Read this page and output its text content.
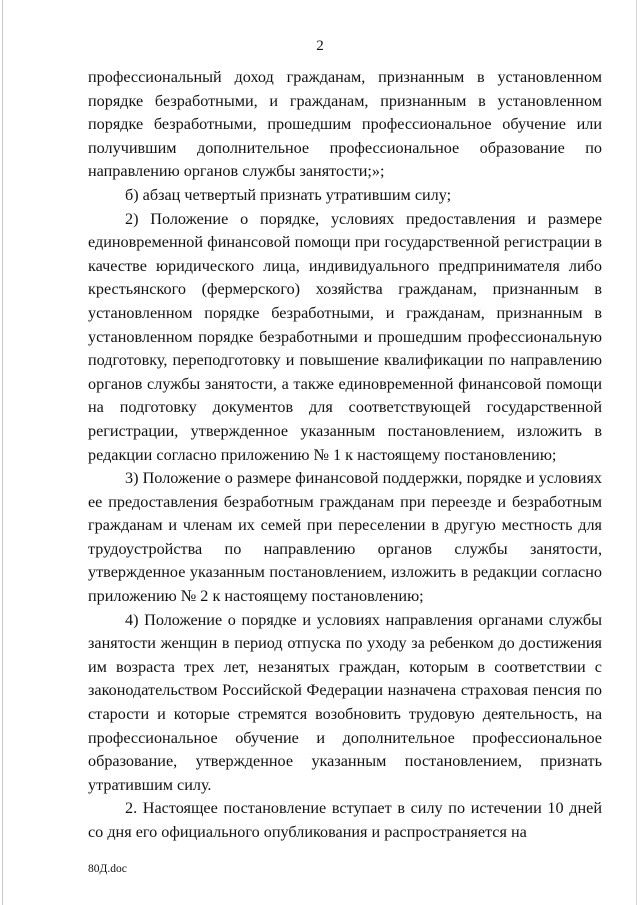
2

профессиональный доход гражданам, признанным в установленном порядке безработными, и гражданам, признанным в установленном порядке безработными, прошедшим профессиональное обучение или получившим дополнительное профессиональное образование по направлению органов службы занятости;»;

б) абзац четвертый признать утратившим силу;

2) Положение о порядке, условиях предоставления и размере единовременной финансовой помощи при государственной регистрации в качестве юридического лица, индивидуального предпринимателя либо крестьянского (фермерского) хозяйства гражданам, признанным в установленном порядке безработными, и гражданам, признанным в установленном порядке безработными и прошедшим профессиональную подготовку, переподготовку и повышение квалификации по направлению органов службы занятости, а также единовременной финансовой помощи на подготовку документов для соответствующей государственной регистрации, утвержденное указанным постановлением, изложить в редакции согласно приложению № 1 к настоящему постановлению;

3) Положение о размере финансовой поддержки, порядке и условиях ее предоставления безработным гражданам при переезде и безработным гражданам и членам их семей при переселении в другую местность для трудоустройства по направлению органов службы занятости, утвержденное указанным постановлением, изложить в редакции согласно приложению № 2 к настоящему постановлению;

4) Положение о порядке и условиях направления органами службы занятости женщин в период отпуска по уходу за ребенком до достижения им возраста трех лет, незанятых граждан, которым в соответствии с законодательством Российской Федерации назначена страховая пенсия по старости и которые стремятся возобновить трудовую деятельность, на профессиональное обучение и дополнительное профессиональное образование, утвержденное указанным постановлением, признать утратившим силу.

2. Настоящее постановление вступает в силу по истечении 10 дней со дня его официального опубликования и распространяется на

80Д.doc
